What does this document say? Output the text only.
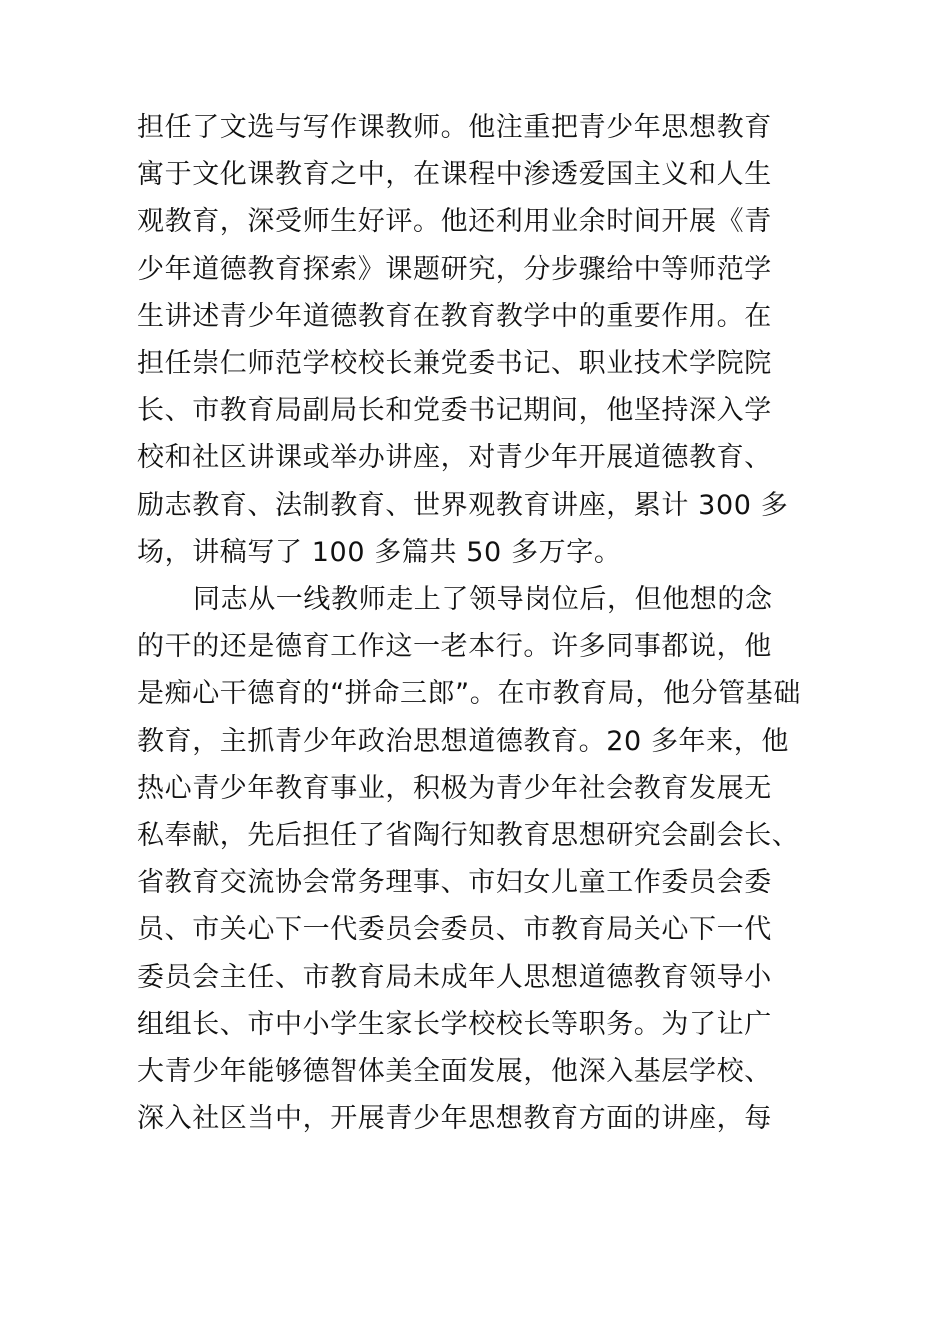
担任了文选与写作课教师。他注重把青少年思想教育
寓于文化课教育之中，在课程中渗透爱国主义和人生
观教育，深受师生好评。他还利用业余时间开展《青
少年道德教育探索》课题研究，分步骤给中等师范学
生讲述青少年道德教育在教育教学中的重要作用。在
担任崇仁师范学校校长兼党委书记、职业技术学院院
长、市教育局副局长和党委书记期间，他坚持深入学
校和社区讲课或举办讲座，对青少年开展道德教育、
励志教育、法制教育、世界观教育讲座，累计 300 多
场，讲稿写了 100 多篇共 50 多万字。

同志从一线教师走上了领导岗位后，但他想的念
的干的还是德育工作这一老本行。许多同事都说，他
是痴心干德育的“拼命三郎”。在市教育局，他分管基础
教育，主抓青少年政治思想道德教育。20 多年来，他
热心青少年教育事业，积极为青少年社会教育发展无
私奉献，先后担任了省陶行知教育思想研究会副会长、
省教育交流协会常务理事、市妇女儿童工作委员会委
员、市关心下一代委员会委员、市教育局关心下一代
委员会主任、市教育局未成年人思想道德教育领导小
组组长、市中小学生家长学校校长等职务。为了让广
大青少年能够德智体美全面发展，他深入基层学校、
深入社区当中，开展青少年思想教育方面的讲座，每
